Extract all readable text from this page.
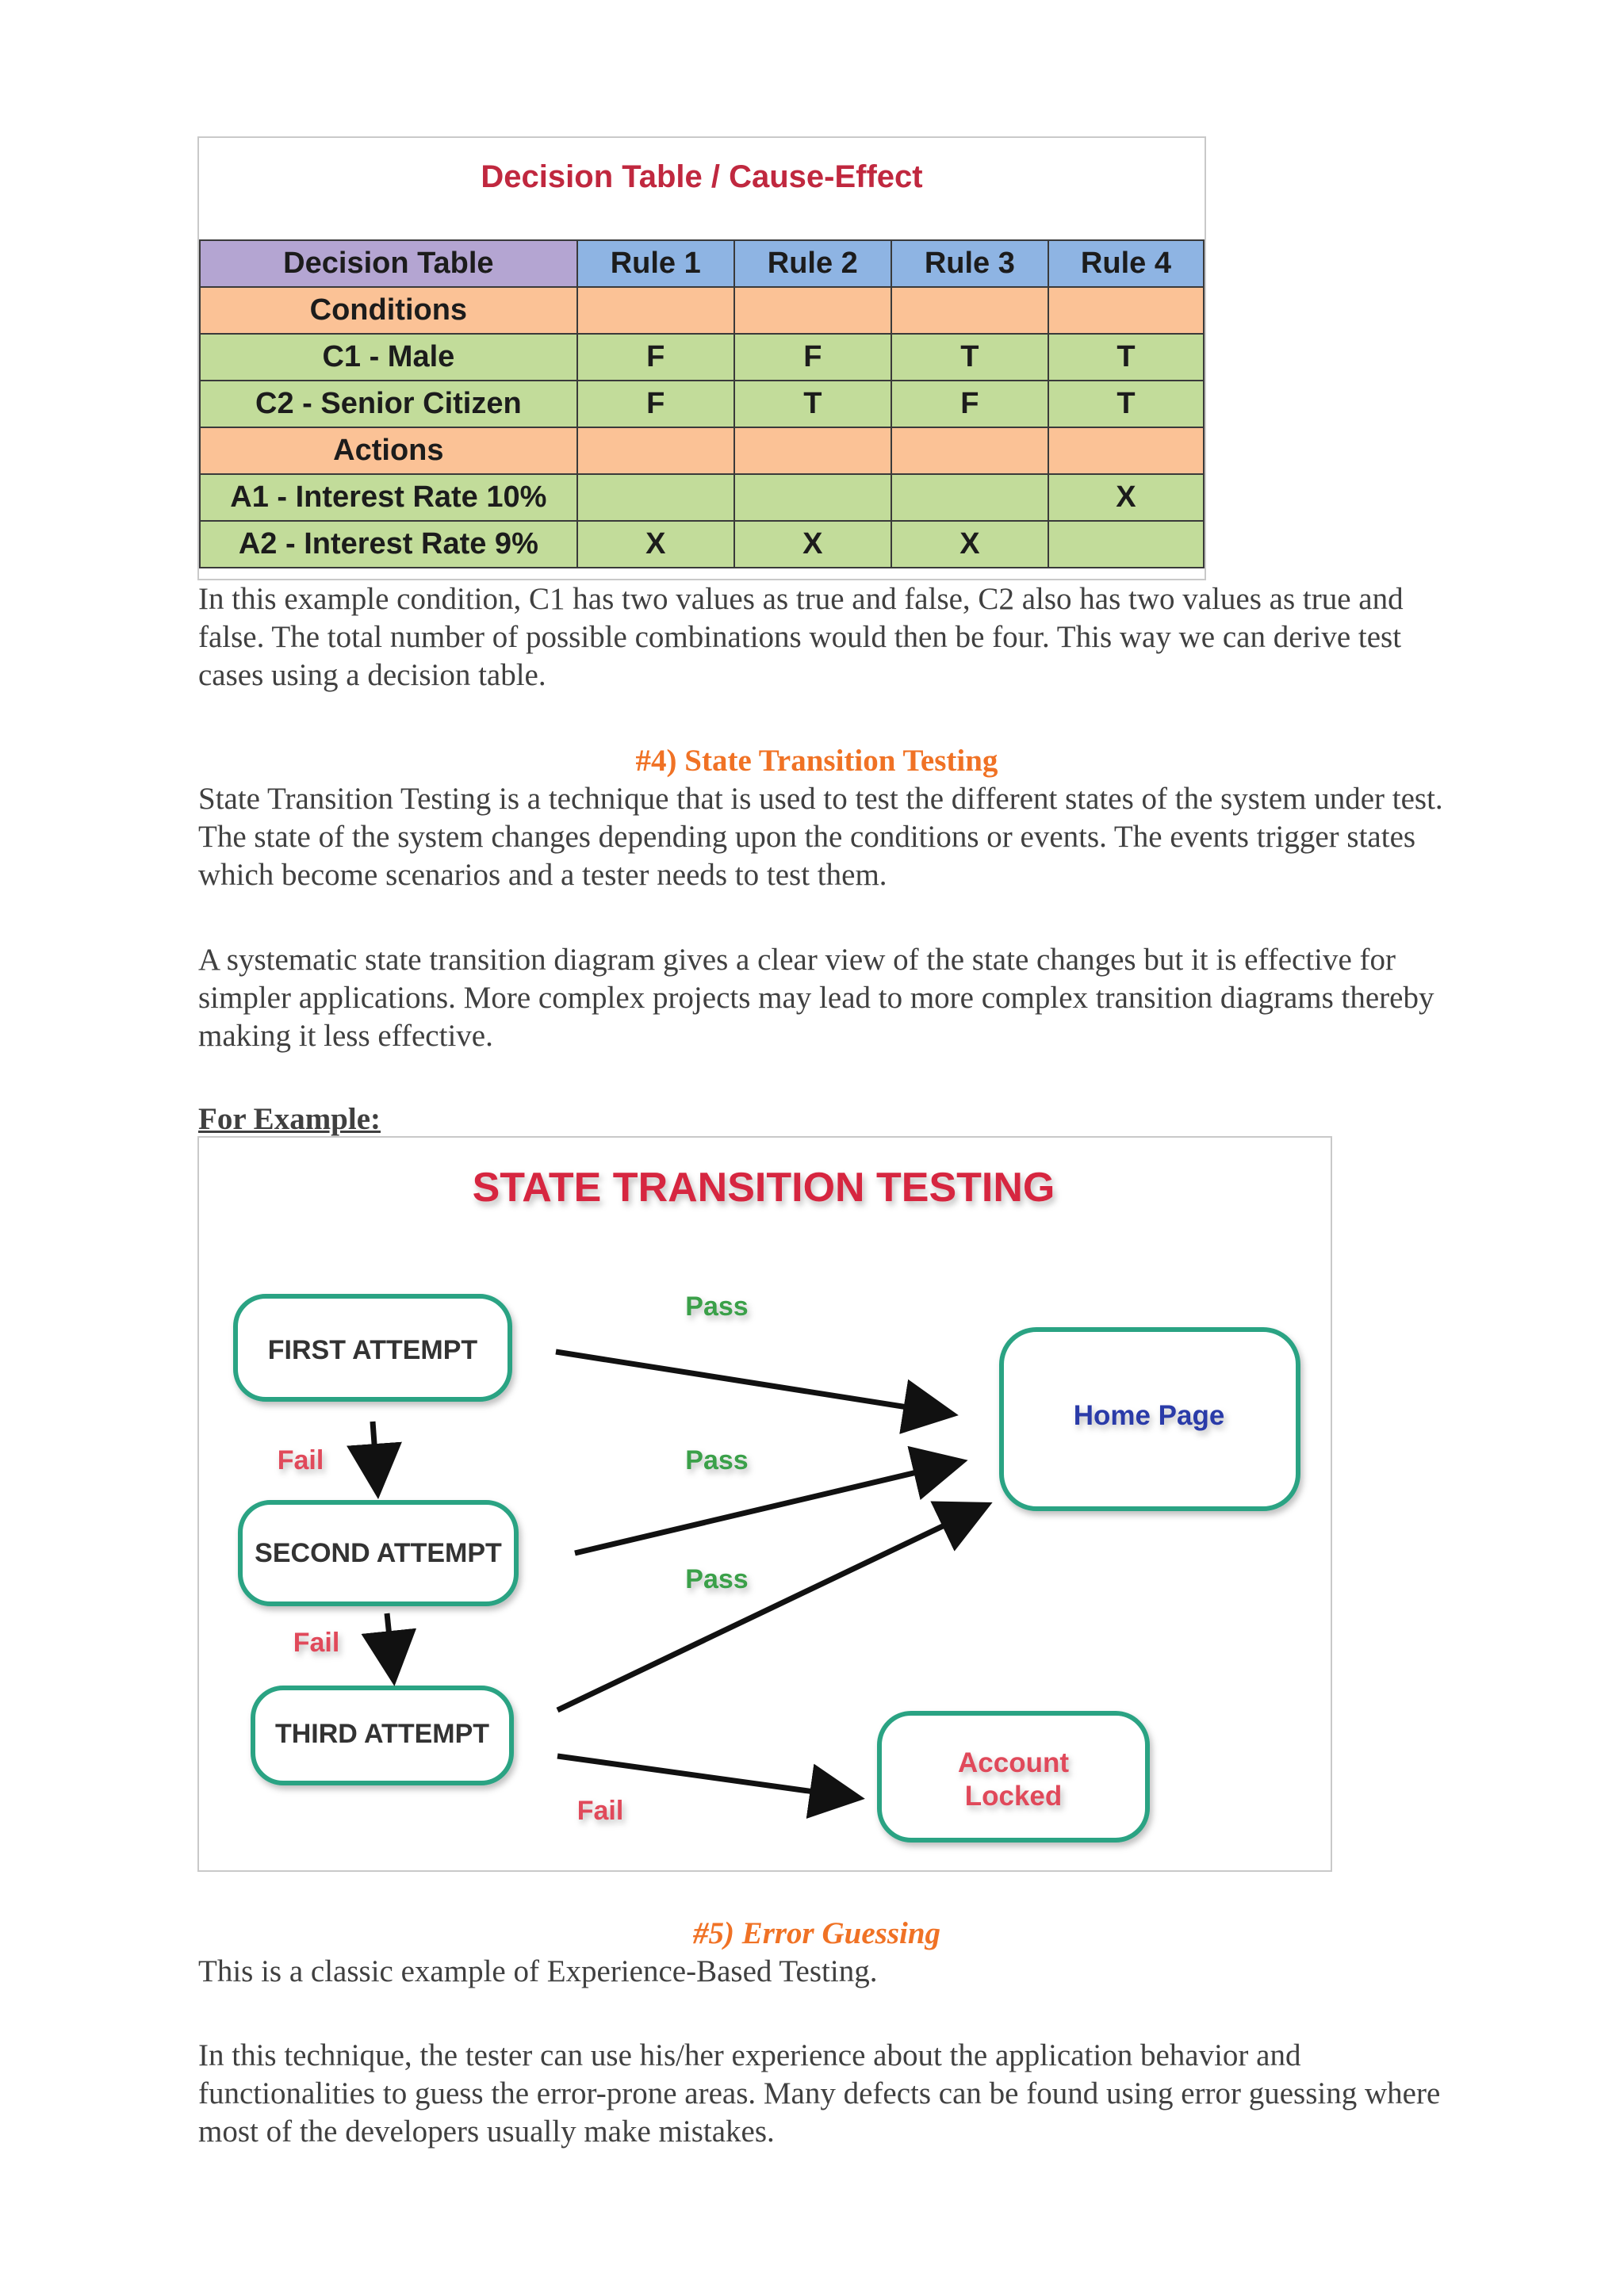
Decision Table / Cause-Effect
Decision Table	Rule 1	Rule 2	Rule 3	Rule 4
Conditions				
C1 - Male	F	F	T	T
C2 - Senior Citizen	F	T	F	T
Actions				
A1 - Interest Rate 10%				X
A2 - Interest Rate 9%	X	X	X	

In this example condition, C1 has two values as true and false, C2 also has two values as true and false. The total number of possible combinations would then be four. This way we can derive test cases using a decision table.

#4) State Transition Testing

State Transition Testing is a technique that is used to test the different states of the system under test. The state of the system changes depending upon the conditions or events. The events trigger states which become scenarios and a tester needs to test them.

A systematic state transition diagram gives a clear view of the state changes but it is effective for simpler applications. More complex projects may lead to more complex transition diagrams thereby making it less effective.

For Example:

STATE TRANSITION TESTING
FIRST ATTEMPT
SECOND ATTEMPT
THIRD ATTEMPT
Home Page
Account
Locked
Pass
Pass
Pass
Fail
Fail
Fail

#5) Error Guessing

This is a classic example of Experience-Based Testing.

In this technique, the tester can use his/her experience about the application behavior and functionalities to guess the error-prone areas. Many defects can be found using error guessing where most of the developers usually make mistakes.
